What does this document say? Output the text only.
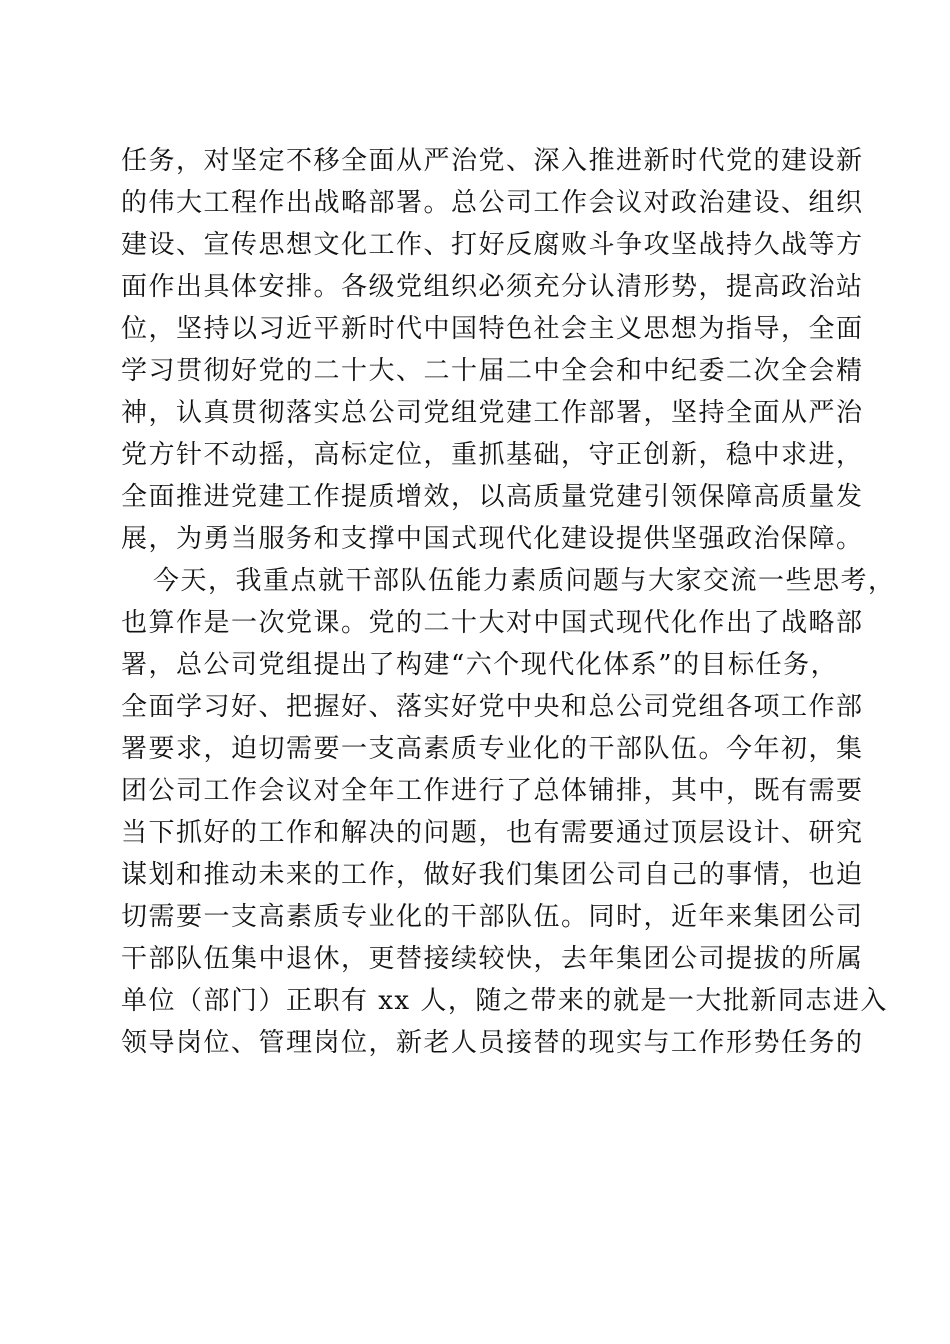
任务，对坚定不移全面从严治党、深入推进新时代党的建设新
的伟大工程作出战略部署。总公司工作会议对政治建设、组织
建设、宣传思想文化工作、打好反腐败斗争攻坚战持久战等方
面作出具体安排。各级党组织必须充分认清形势，提高政治站
位，坚持以习近平新时代中国特色社会主义思想为指导，全面
学习贯彻好党的二十大、二十届二中全会和中纪委二次全会精
神，认真贯彻落实总公司党组党建工作部署，坚持全面从严治
党方针不动摇，高标定位，重抓基础，守正创新，稳中求进，
全面推进党建工作提质增效，以高质量党建引领保障高质量发
展，为勇当服务和支撑中国式现代化建设提供坚强政治保障。
今天，我重点就干部队伍能力素质问题与大家交流一些思考，
也算作是一次党课。党的二十大对中国式现代化作出了战略部
署，总公司党组提出了构建“六个现代化体系”的目标任务，
全面学习好、把握好、落实好党中央和总公司党组各项工作部
署要求，迫切需要一支高素质专业化的干部队伍。今年初，集
团公司工作会议对全年工作进行了总体铺排，其中，既有需要
当下抓好的工作和解决的问题，也有需要通过顶层设计、研究
谋划和推动未来的工作，做好我们集团公司自己的事情，也迫
切需要一支高素质专业化的干部队伍。同时，近年来集团公司
干部队伍集中退休，更替接续较快，去年集团公司提拔的所属
单位（部门）正职有 xx 人，随之带来的就是一大批新同志进入
领导岗位、管理岗位，新老人员接替的现实与工作形势任务的
